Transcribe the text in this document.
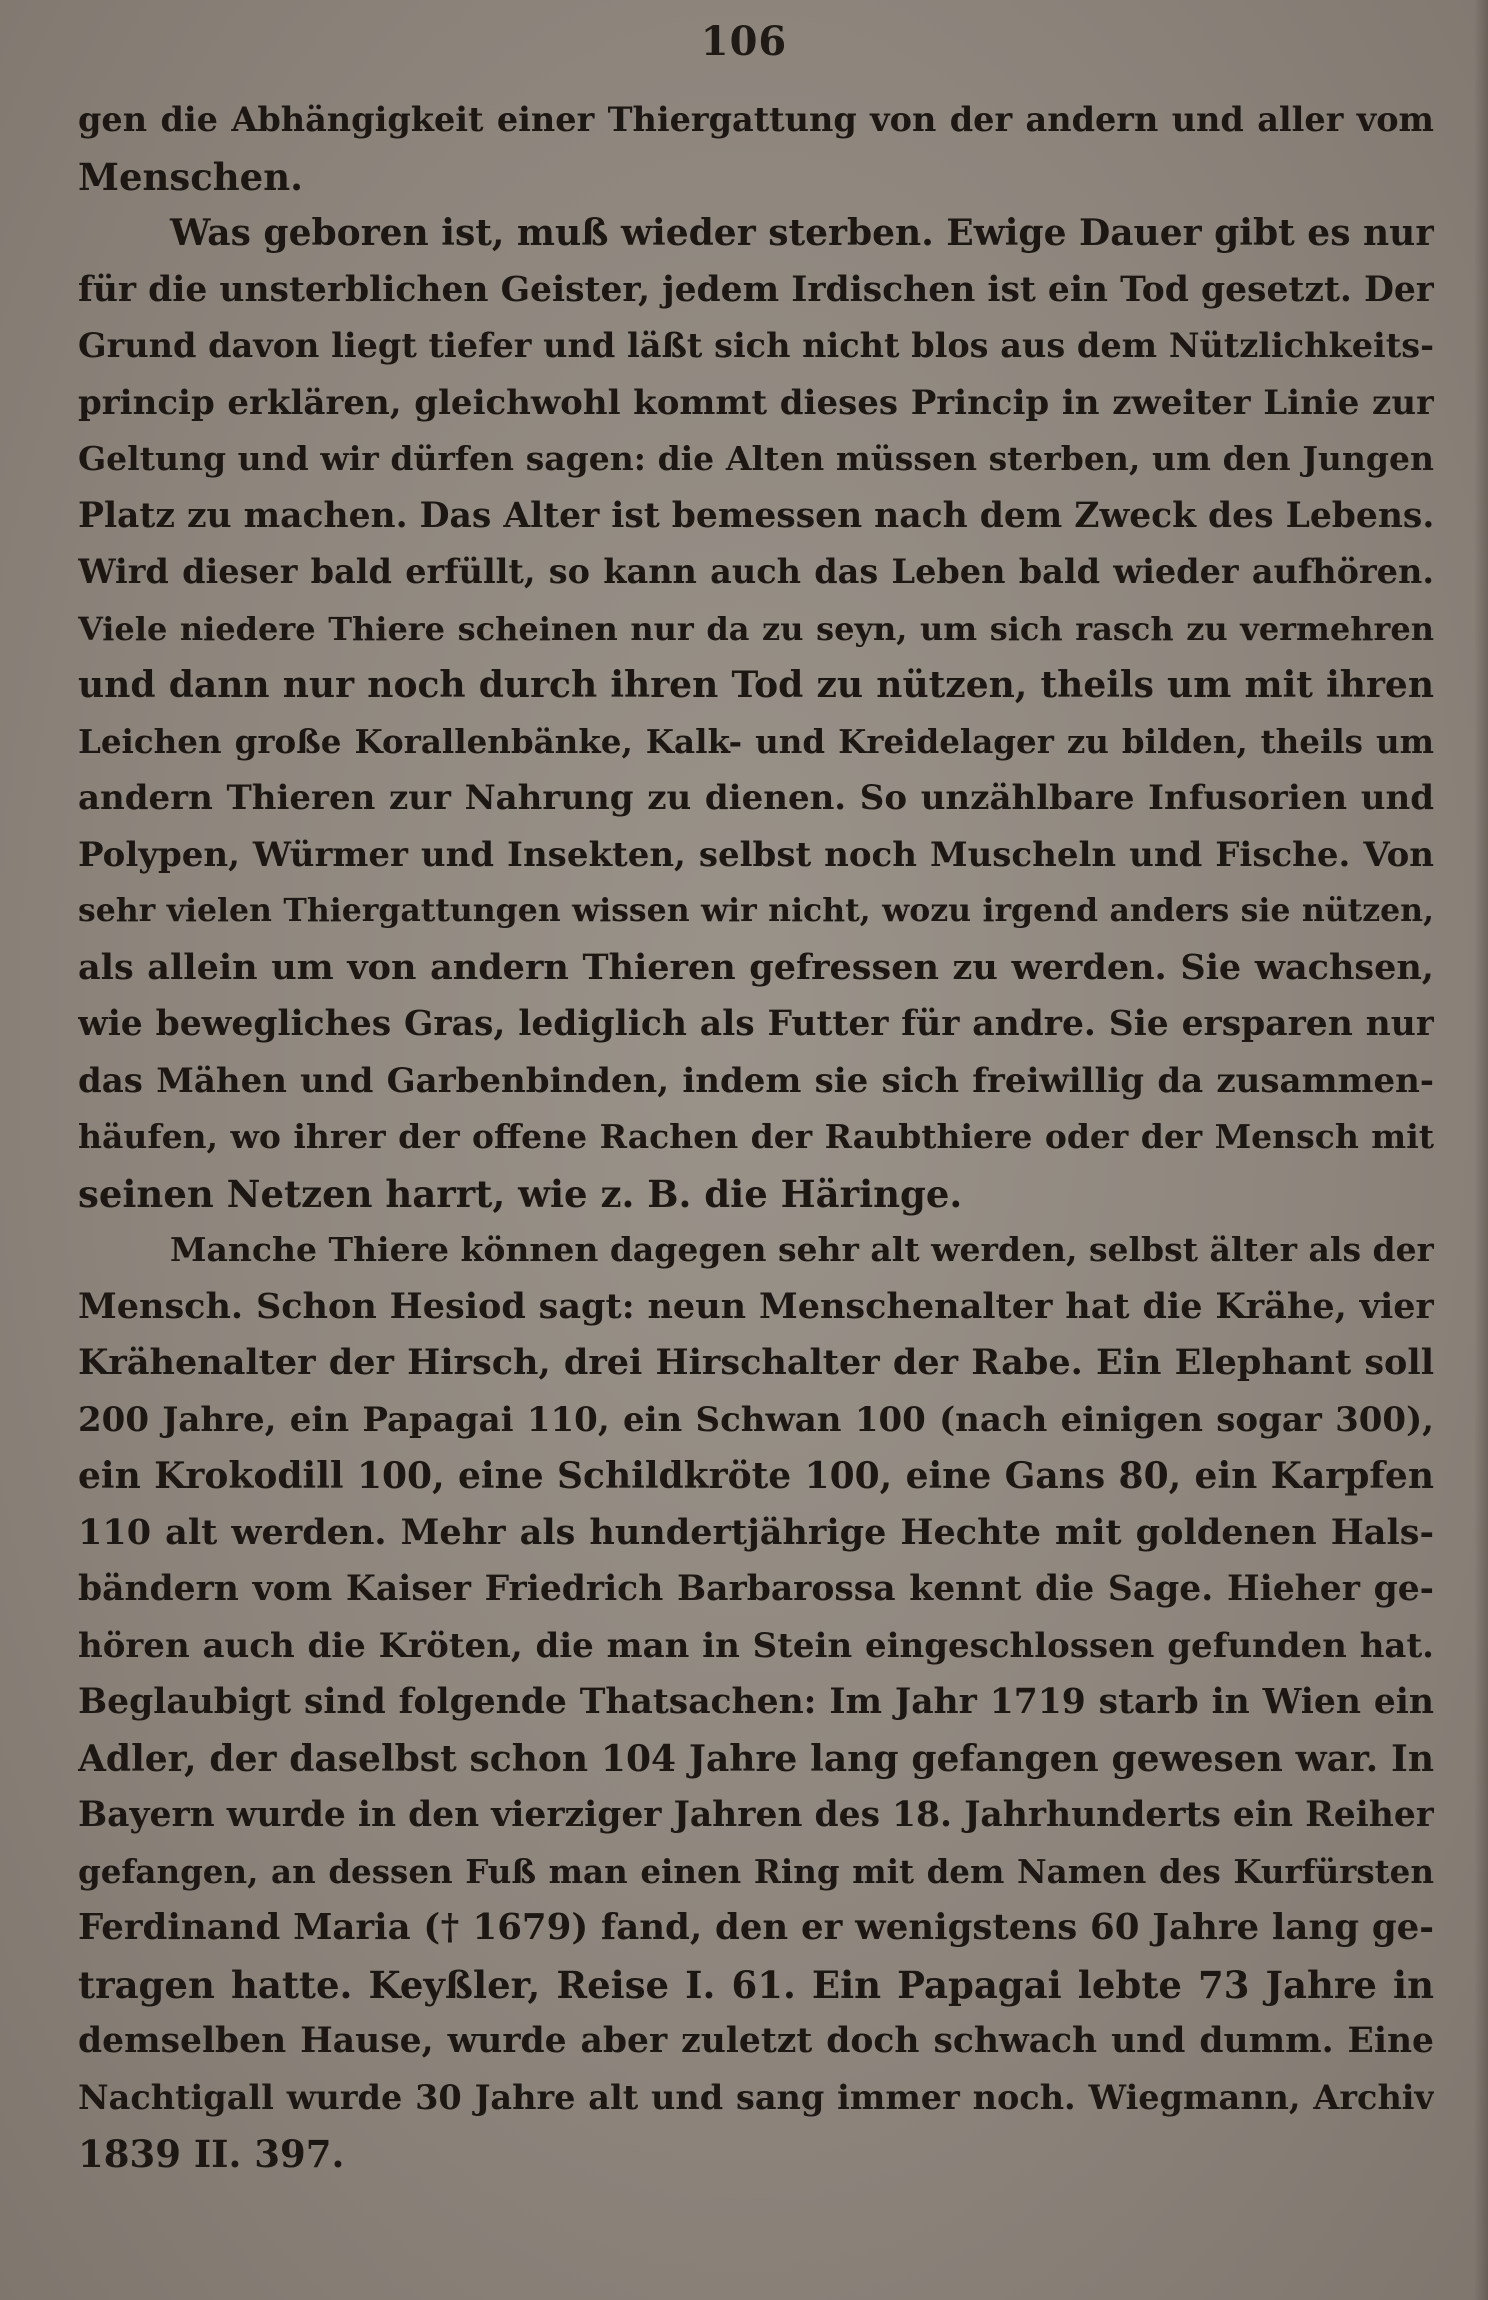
106
gen die Abhängigkeit einer Thiergattung von der andern und aller vom
Menschen.
Was geboren ist, muß wieder sterben. Ewige Dauer gibt es nur
für die unsterblichen Geister, jedem Irdischen ist ein Tod gesetzt. Der
Grund davon liegt tiefer und läßt sich nicht blos aus dem Nützlichkeits-
princip erklären, gleichwohl kommt dieses Princip in zweiter Linie zur
Geltung und wir dürfen sagen: die Alten müssen sterben, um den Jungen
Platz zu machen. Das Alter ist bemessen nach dem Zweck des Lebens.
Wird dieser bald erfüllt, so kann auch das Leben bald wieder aufhören.
Viele niedere Thiere scheinen nur da zu seyn, um sich rasch zu vermehren
und dann nur noch durch ihren Tod zu nützen, theils um mit ihren
Leichen große Korallenbänke, Kalk- und Kreidelager zu bilden, theils um
andern Thieren zur Nahrung zu dienen. So unzählbare Infusorien und
Polypen, Würmer und Insekten, selbst noch Muscheln und Fische. Von
sehr vielen Thiergattungen wissen wir nicht, wozu irgend anders sie nützen,
als allein um von andern Thieren gefressen zu werden. Sie wachsen,
wie bewegliches Gras, lediglich als Futter für andre. Sie ersparen nur
das Mähen und Garbenbinden, indem sie sich freiwillig da zusammen-
häufen, wo ihrer der offene Rachen der Raubthiere oder der Mensch mit
seinen Netzen harrt, wie z. B. die Häringe.
Manche Thiere können dagegen sehr alt werden, selbst älter als der
Mensch. Schon Hesiod sagt: neun Menschenalter hat die Krähe, vier
Krähenalter der Hirsch, drei Hirschalter der Rabe. Ein Elephant soll
200 Jahre, ein Papagai 110, ein Schwan 100 (nach einigen sogar 300),
ein Krokodill 100, eine Schildkröte 100, eine Gans 80, ein Karpfen
110 alt werden. Mehr als hundertjährige Hechte mit goldenen Hals-
bändern vom Kaiser Friedrich Barbarossa kennt die Sage. Hieher ge-
hören auch die Kröten, die man in Stein eingeschlossen gefunden hat.
Beglaubigt sind folgende Thatsachen: Im Jahr 1719 starb in Wien ein
Adler, der daselbst schon 104 Jahre lang gefangen gewesen war. In
Bayern wurde in den vierziger Jahren des 18. Jahrhunderts ein Reiher
gefangen, an dessen Fuß man einen Ring mit dem Namen des Kurfürsten
Ferdinand Maria († 1679) fand, den er wenigstens 60 Jahre lang ge-
tragen hatte. Keyßler, Reise I. 61. Ein Papagai lebte 73 Jahre in
demselben Hause, wurde aber zuletzt doch schwach und dumm. Eine
Nachtigall wurde 30 Jahre alt und sang immer noch. Wiegmann, Archiv
1839 II. 397.
